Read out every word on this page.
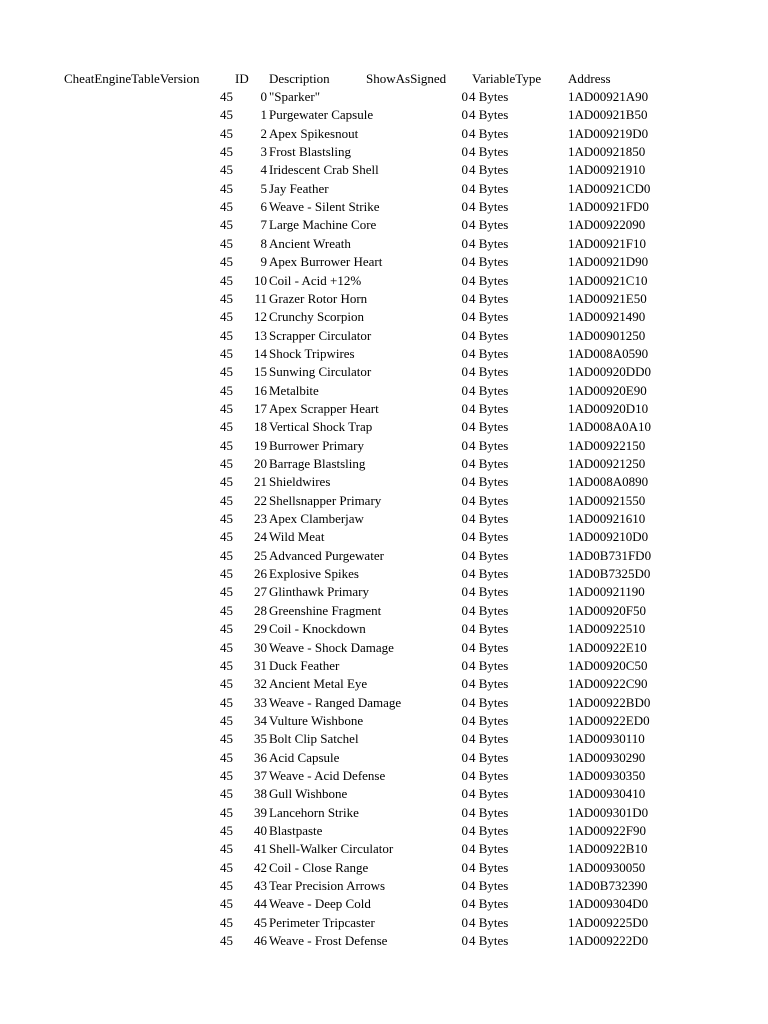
CheatEngineTableVersion	ID Description	ShowAsSigned VariableType Address
45	0 "Sparker"	0 4 Bytes	1AD00921A90
45	1 Purgewater Capsule	0 4 Bytes	1AD00921B50
45	2 Apex Spikesnout	0 4 Bytes	1AD009219D0
45	3 Frost Blastsling	0 4 Bytes	1AD00921850
45	4 Iridescent Crab Shell	0 4 Bytes	1AD00921910
45	5 Jay Feather	0 4 Bytes	1AD00921CD0
45	6 Weave - Silent Strike	0 4 Bytes	1AD00921FD0
45	7 Large Machine Core	0 4 Bytes	1AD00922090
45	8 Ancient Wreath	0 4 Bytes	1AD00921F10
45	9 Apex Burrower Heart	0 4 Bytes	1AD00921D90
45	10 Coil - Acid +12%	0 4 Bytes	1AD00921C10
45	11 Grazer Rotor Horn	0 4 Bytes	1AD00921E50
45	12 Crunchy Scorpion	0 4 Bytes	1AD00921490
45	13 Scrapper Circulator	0 4 Bytes	1AD00901250
45	14 Shock Tripwires	0 4 Bytes	1AD008A0590
45	15 Sunwing Circulator	0 4 Bytes	1AD00920DD0
45	16 Metalbite	0 4 Bytes	1AD00920E90
45	17 Apex Scrapper Heart	0 4 Bytes	1AD00920D10
45	18 Vertical Shock Trap	0 4 Bytes	1AD008A0A10
45	19 Burrower Primary	0 4 Bytes	1AD00922150
45	20 Barrage Blastsling	0 4 Bytes	1AD00921250
45	21 Shieldwires	0 4 Bytes	1AD008A0890
45	22 Shellsnapper Primary	0 4 Bytes	1AD00921550
45	23 Apex Clamberjaw	0 4 Bytes	1AD00921610
45	24 Wild Meat	0 4 Bytes	1AD009210D0
45	25 Advanced Purgewater	0 4 Bytes	1AD0B731FD0
45	26 Explosive Spikes	0 4 Bytes	1AD0B7325D0
45	27 Glinthawk Primary	0 4 Bytes	1AD00921190
45	28 Greenshine Fragment	0 4 Bytes	1AD00920F50
45	29 Coil - Knockdown	0 4 Bytes	1AD00922510
45	30 Weave - Shock Damage	0 4 Bytes	1AD00922E10
45	31 Duck Feather	0 4 Bytes	1AD00920C50
45	32 Ancient Metal Eye	0 4 Bytes	1AD00922C90
45	33 Weave - Ranged Damage	0 4 Bytes	1AD00922BD0
45	34 Vulture Wishbone	0 4 Bytes	1AD00922ED0
45	35 Bolt Clip Satchel	0 4 Bytes	1AD00930110
45	36 Acid Capsule	0 4 Bytes	1AD00930290
45	37 Weave - Acid Defense	0 4 Bytes	1AD00930350
45	38 Gull Wishbone	0 4 Bytes	1AD00930410
45	39 Lancehorn Strike	0 4 Bytes	1AD009301D0
45	40 Blastpaste	0 4 Bytes	1AD00922F90
45	41 Shell-Walker Circulator	0 4 Bytes	1AD00922B10
45	42 Coil - Close Range	0 4 Bytes	1AD00930050
45	43 Tear Precision Arrows	0 4 Bytes	1AD0B732390
45	44 Weave - Deep Cold	0 4 Bytes	1AD009304D0
45	45 Perimeter Tripcaster	0 4 Bytes	1AD009225D0
45	46 Weave - Frost Defense	0 4 Bytes	1AD009222D0
